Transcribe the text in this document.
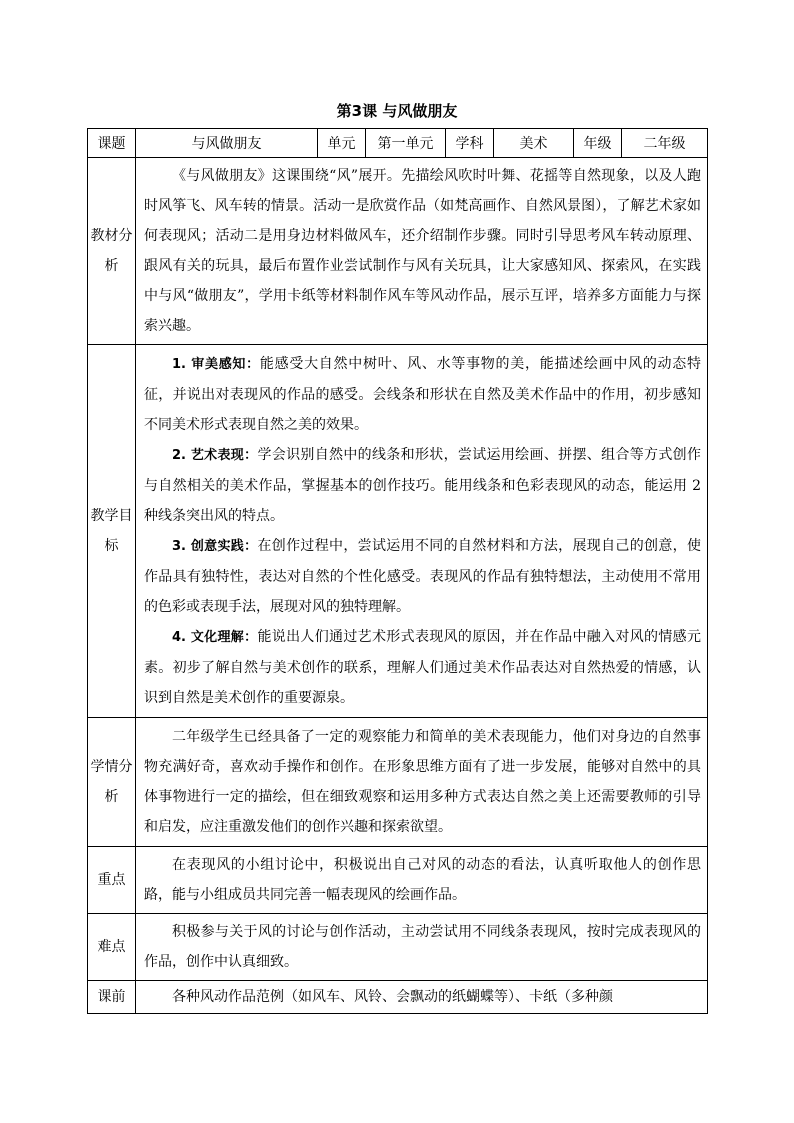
第3课 与风做朋友
课题	与风做朋友	单元	第一单元	学科	美术	年级	二年级
教材分析	《与风做朋友》这课围绕“风”展开。先描绘风吹时叶舞、花摇等自然现象，以及人跑时风筝飞、风车转的情景。活动一是欣赏作品（如梵高画作、自然风景图），了解艺术家如何表现风；活动二是用身边材料做风车，还介绍制作步骤。同时引导思考风车转动原理、跟风有关的玩具，最后布置作业尝试制作与风有关玩具，让大家感知风、探索风，在实践中与风“做朋友”，学用卡纸等材料制作风车等风动作品，展示互评，培养多方面能力与探索兴趣。						

教学目标	1. 审美感知：能感受大自然中树叶、风、水等事物的美，能描述绘画中风的动态特征，并说出对表现风的作品的感受。会线条和形状在自然及美术作品中的作用，初步感知不同美术形式表现自然之美的效果。

2. 艺术表现：学会识别自然中的线条和形状，尝试运用绘画、拼摆、组合等方式创作与自然相关的美术作品，掌握基本的创作技巧。能用线条和色彩表现风的动态，能运用 2 种线条突出风的特点。

3. 创意实践：在创作过程中，尝试运用不同的自然材料和方法，展现自己的创意，使作品具有独特性，表达对自然的个性化感受。表现风的作品有独特想法，主动使用不常用的色彩或表现手法，展现对风的独特理解。

4. 文化理解：能说出人们通过艺术形式表现风的原因，并在作品中融入对风的情感元素。初步了解自然与美术创作的联系，理解人们通过美术作品表达对自然热爱的情感，认识到自然是美术创作的重要源泉。						

学情分析	二年级学生已经具备了一定的观察能力和简单的美术表现能力，他们对身边的自然事物充满好奇，喜欢动手操作和创作。在形象思维方面有了进一步发展，能够对自然中的具体事物进行一定的描绘，但在细致观察和运用多种方式表达自然之美上还需要教师的引导和启发，应注重激发他们的创作兴趣和探索欲望。						

重点	在表现风的小组讨论中，积极说出自己对风的动态的看法，认真听取他人的创作思路，能与小组成员共同完善一幅表现风的绘画作品。						

难点	积极参与关于风的讨论与创作活动，主动尝试用不同线条表现风，按时完成表现风的作品，创作中认真细致。						

课前	各种风动作品范例（如风车、风铃、会飘动的纸蝴蝶等）、卡纸（多种颜						
